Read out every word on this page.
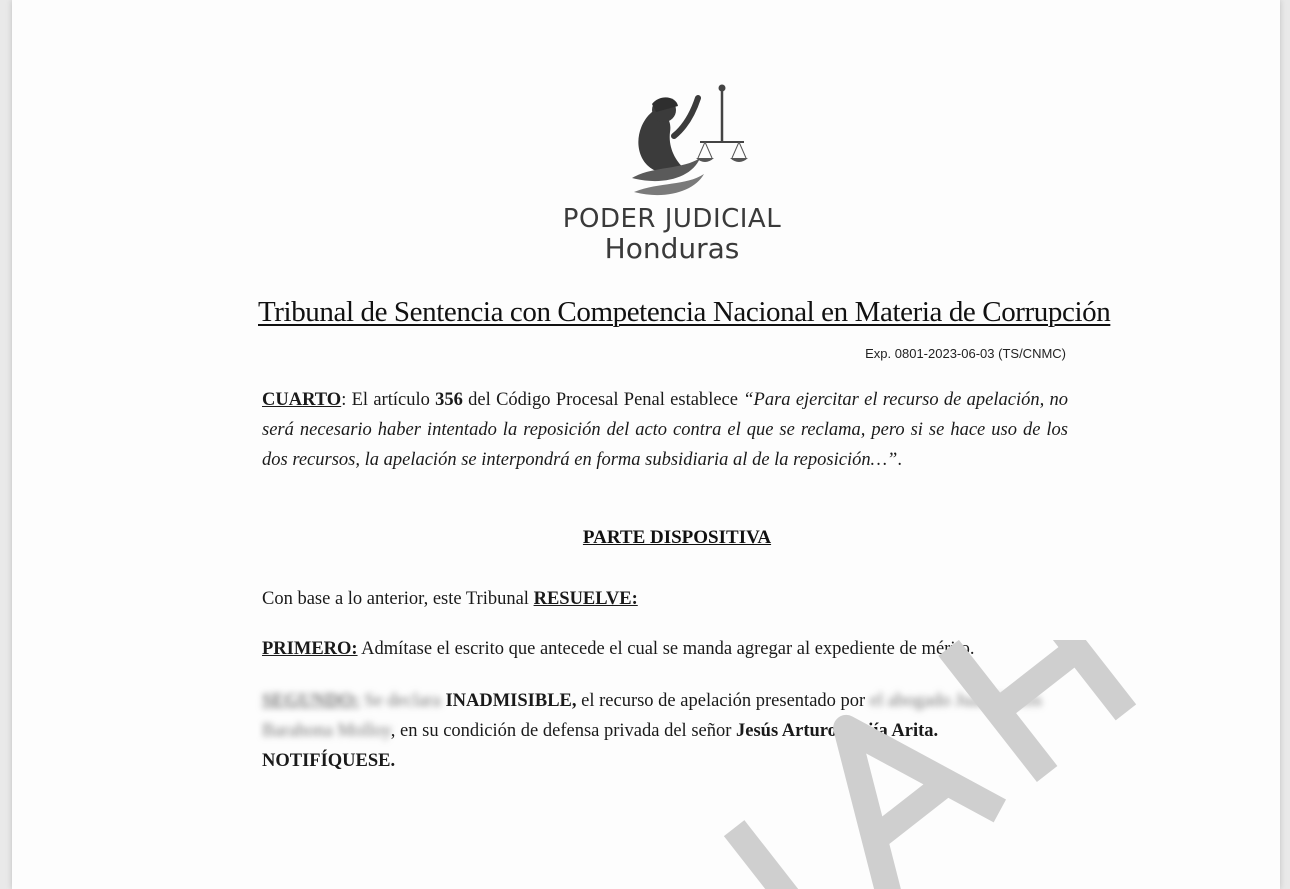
PODER JUDICIAL
Honduras
Tribunal de Sentencia con Competencia Nacional en Materia de Corrupción
Exp. 0801-2023-06-03 (TS/CNMC)
CUARTO: El artículo 356 del Código Procesal Penal establece “Para ejercitar el recurso de apelación, no será necesario haber intentado la reposición del acto contra el que se reclama, pero si se hace uso de los dos recursos, la apelación se interpondrá en forma subsidiaria al de la reposición…”.
PARTE DISPOSITIVA
Con base a lo anterior, este Tribunal RESUELVE:
PRIMERO: Admítase el escrito que antecede el cual se manda agregar al expediente de mérito.
SEGUNDO: Se declara INADMISIBLE, el recurso de apelación presentado por el abogado Juan Carlos Barahona Molloy, en su condición de defensa privada del señor Jesús Arturo Mejía Arita.
NOTIFÍQUESE.
